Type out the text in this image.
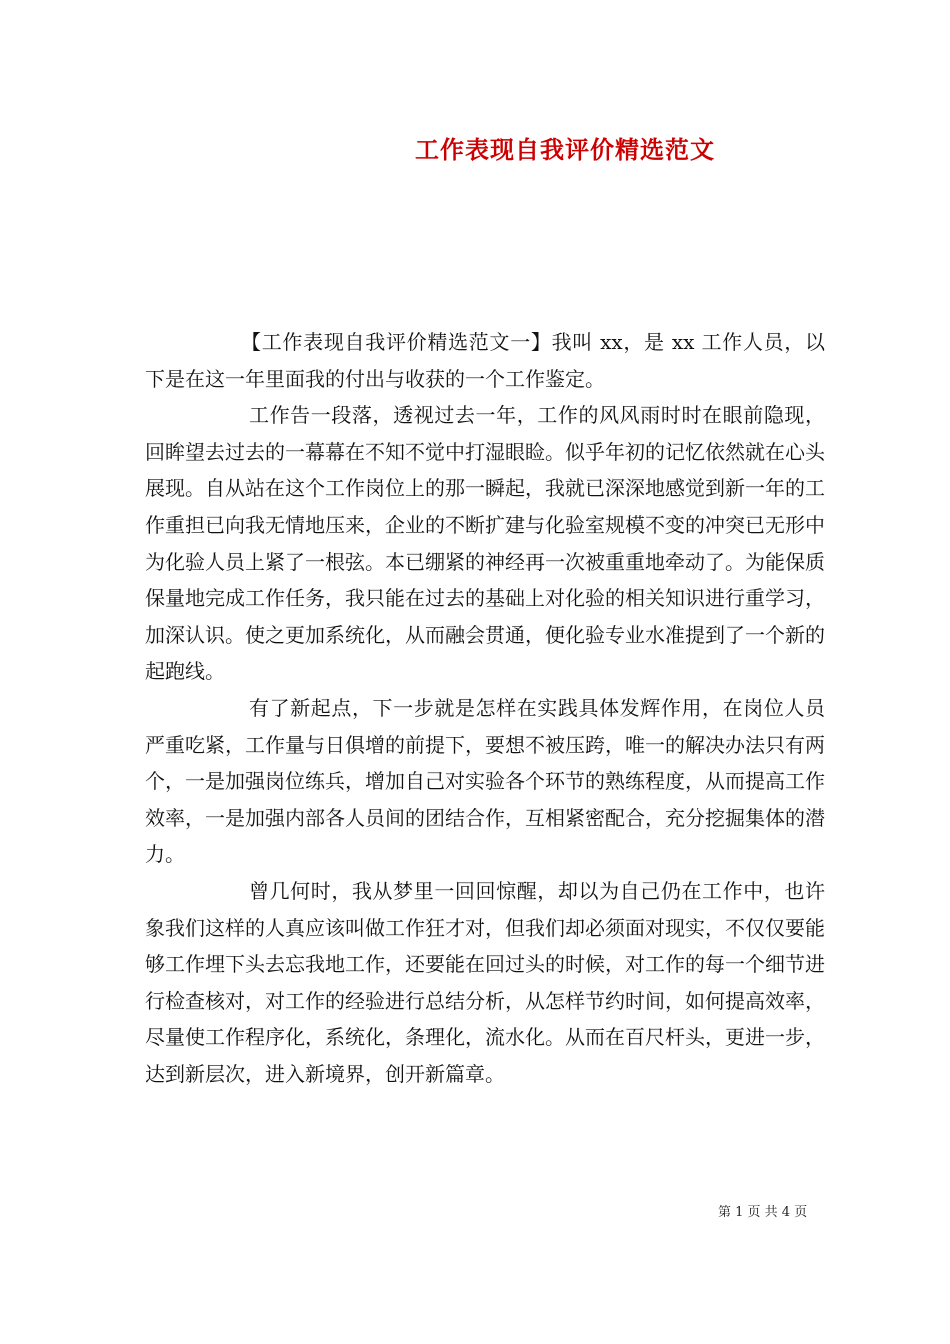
工作表现自我评价精选范文

【工作表现自我评价精选范文一】我叫 xx，是 xx 工作人员，以下是在这一年里面我的付出与收获的一个工作鉴定。

工作告一段落，透视过去一年，工作的风风雨时时在眼前隐现，回眸望去过去的一幕幕在不知不觉中打湿眼睑。似乎年初的记忆依然就在心头展现。自从站在这个工作岗位上的那一瞬起，我就已深深地感觉到新一年的工作重担已向我无情地压来，企业的不断扩建与化验室规模不变的冲突已无形中为化验人员上紧了一根弦。本已绷紧的神经再一次被重重地牵动了。为能保质保量地完成工作任务，我只能在过去的基础上对化验的相关知识进行重学习，加深认识。使之更加系统化，从而融会贯通，便化验专业水准提到了一个新的起跑线。

有了新起点，下一步就是怎样在实践具体发辉作用，在岗位人员严重吃紧，工作量与日俱增的前提下，要想不被压跨，唯一的解决办法只有两个，一是加强岗位练兵，增加自己对实验各个环节的熟练程度，从而提高工作效率，一是加强内部各人员间的团结合作，互相紧密配合，充分挖掘集体的潜力。

曾几何时，我从梦里一回回惊醒，却以为自己仍在工作中，也许象我们这样的人真应该叫做工作狂才对，但我们却必须面对现实，不仅仅要能够工作埋下头去忘我地工作，还要能在回过头的时候，对工作的每一个细节进行检查核对，对工作的经验进行总结分析，从怎样节约时间，如何提高效率，尽量使工作程序化，系统化，条理化，流水化。从而在百尺杆头，更进一步，达到新层次，进入新境界，创开新篇章。

第 1 页 共 4 页
